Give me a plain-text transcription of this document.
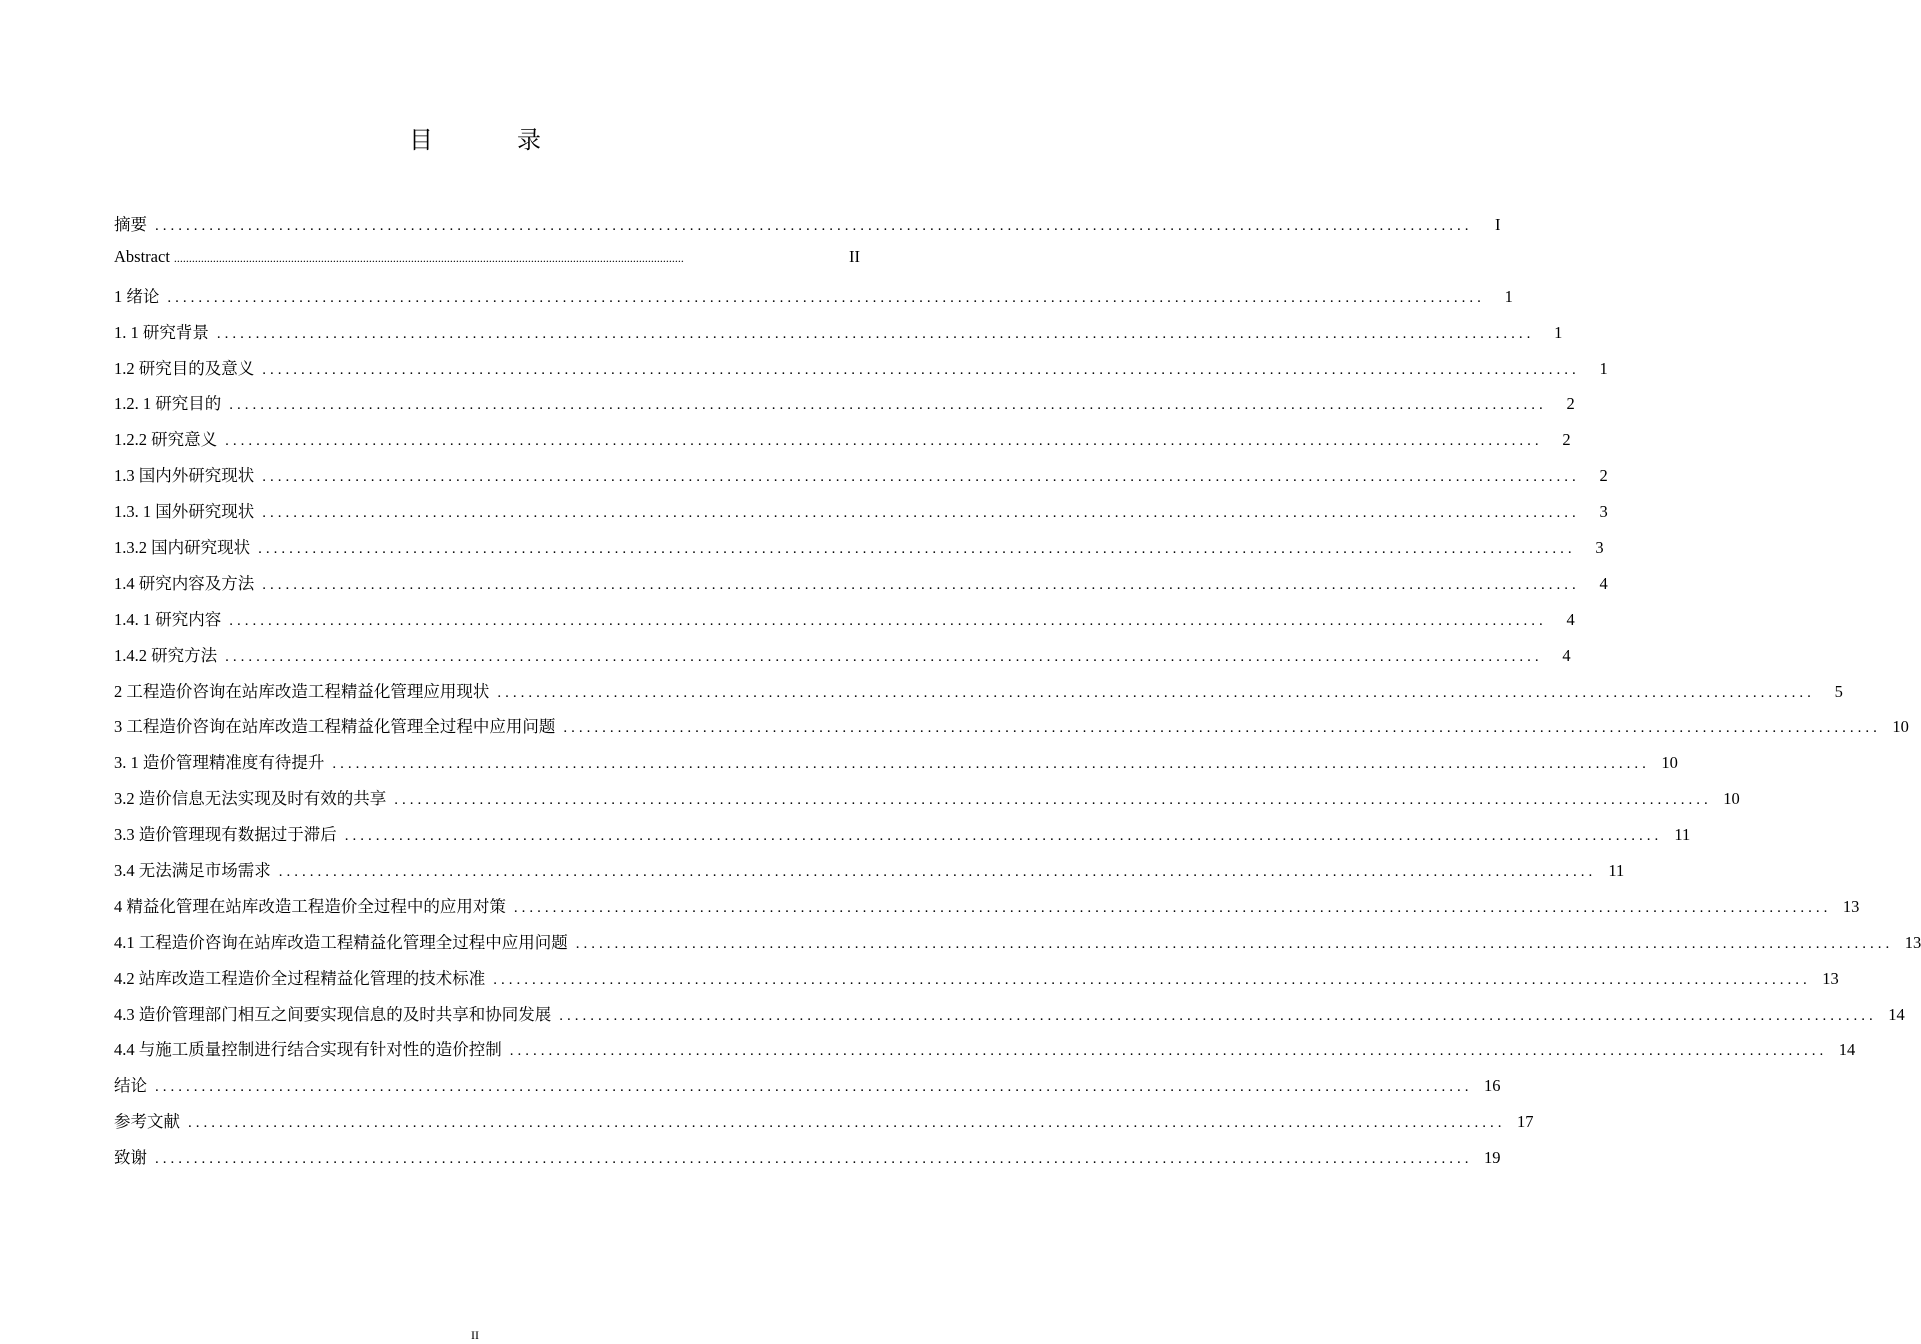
目　录
摘要 ..........................................................................................................................................................................	I
Abstract ..........................................................................................................................................................................	II
1 绪论 ..........................................................................................................................................................................	1
1. 1 研究背景 ..........................................................................................................................................................................	1
1.2 研究目的及意义 ..........................................................................................................................................................................	1
1.2. 1 研究目的 ..........................................................................................................................................................................	2
1.2.2 研究意义 ..........................................................................................................................................................................	2
1.3 国内外研究现状 ..........................................................................................................................................................................	2
1.3. 1 国外研究现状 ..........................................................................................................................................................................	3
1.3.2 国内研究现状 ..........................................................................................................................................................................	3
1.4 研究内容及方法 ..........................................................................................................................................................................	4
1.4. 1 研究内容 ..........................................................................................................................................................................	4
1.4.2 研究方法 ..........................................................................................................................................................................	4
2 工程造价咨询在站库改造工程精益化管理应用现状 ..........................................................................................................................................................................	5
3 工程造价咨询在站库改造工程精益化管理全过程中应用问题 .......................................................................................................................................................................... 10
3. 1 造价管理精准度有待提升 .......................................................................................................................................................................... 10
3.2 造价信息无法实现及时有效的共享 .......................................................................................................................................................................... 10
3.3 造价管理现有数据过于滞后 .......................................................................................................................................................................... 11
3.4 无法满足市场需求 .......................................................................................................................................................................... 11
4 精益化管理在站库改造工程造价全过程中的应用对策 .......................................................................................................................................................................... 13
4.1 工程造价咨询在站库改造工程精益化管理全过程中应用问题 .......................................................................................................................................................................... 13
4.2 站库改造工程造价全过程精益化管理的技术标准 .......................................................................................................................................................................... 13
4.3 造价管理部门相互之间要实现信息的及时共享和协同发展 .......................................................................................................................................................................... 14
4.4 与施工质量控制进行结合实现有针对性的造价控制 .......................................................................................................................................................................... 14
结论 .......................................................................................................................................................................... 16
参考文献 .......................................................................................................................................................................... 17
致谢 .......................................................................................................................................................................... 19
II
